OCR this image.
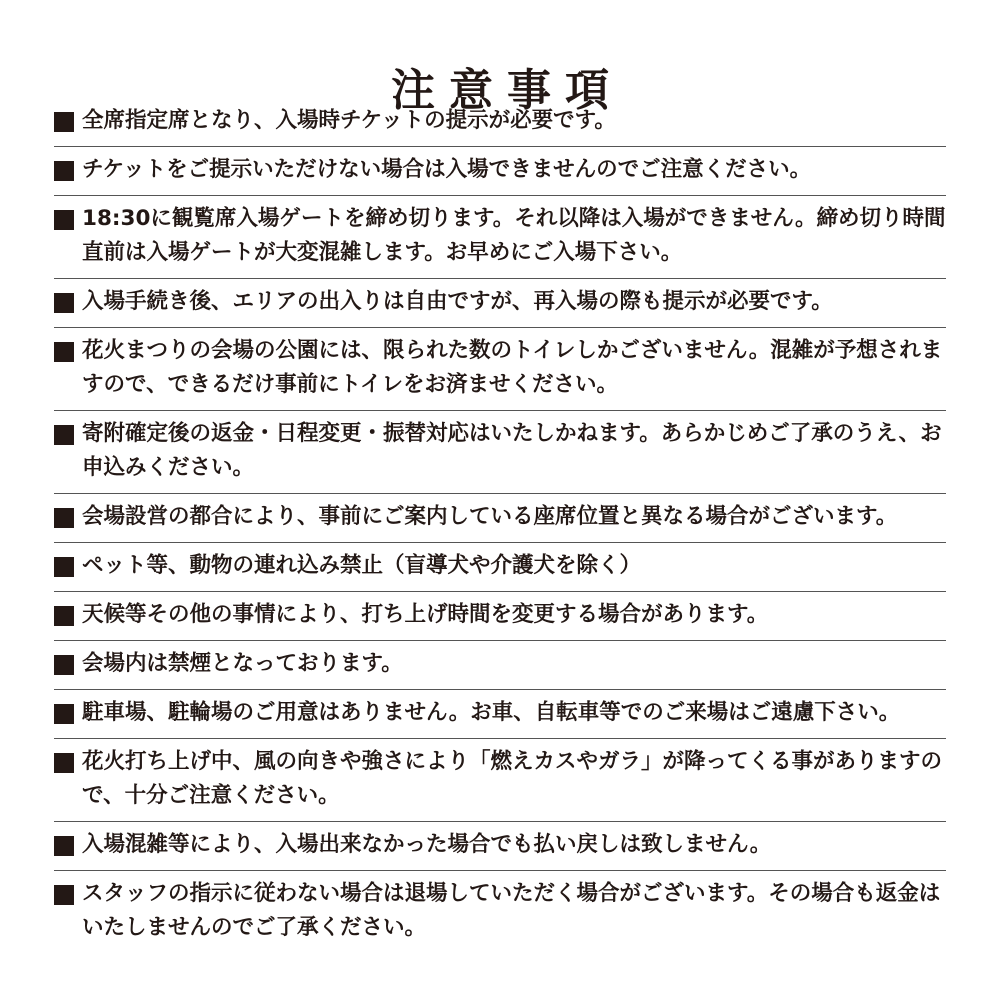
注意事項
全席指定席となり、入場時チケットの提示が必要です。
チケットをご提示いただけない場合は入場できませんのでご注意ください。
18:30に観覧席入場ゲートを締め切ります。それ以降は入場ができません。締め切り時間直前は入場ゲートが大変混雑します。お早めにご入場下さい。
入場手続き後、エリアの出入りは自由ですが、再入場の際も提示が必要です。
花火まつりの会場の公園には、限られた数のトイレしかございません。混雑が予想されますので、できるだけ事前にトイレをお済ませください。
寄附確定後の返金・日程変更・振替対応はいたしかねます。あらかじめご了承のうえ、お申込みください。
会場設営の都合により、事前にご案内している座席位置と異なる場合がございます。
ペット等、動物の連れ込み禁止（盲導犬や介護犬を除く）
天候等その他の事情により、打ち上げ時間を変更する場合があります。
会場内は禁煙となっております。
駐車場、駐輪場のご用意はありません。お車、自転車等でのご来場はご遠慮下さい。
花火打ち上げ中、風の向きや強さにより「燃えカスやガラ」が降ってくる事がありますので、十分ご注意ください。
入場混雑等により、入場出来なかった場合でも払い戻しは致しません。
スタッフの指示に従わない場合は退場していただく場合がございます。その場合も返金はいたしませんのでご了承ください。
